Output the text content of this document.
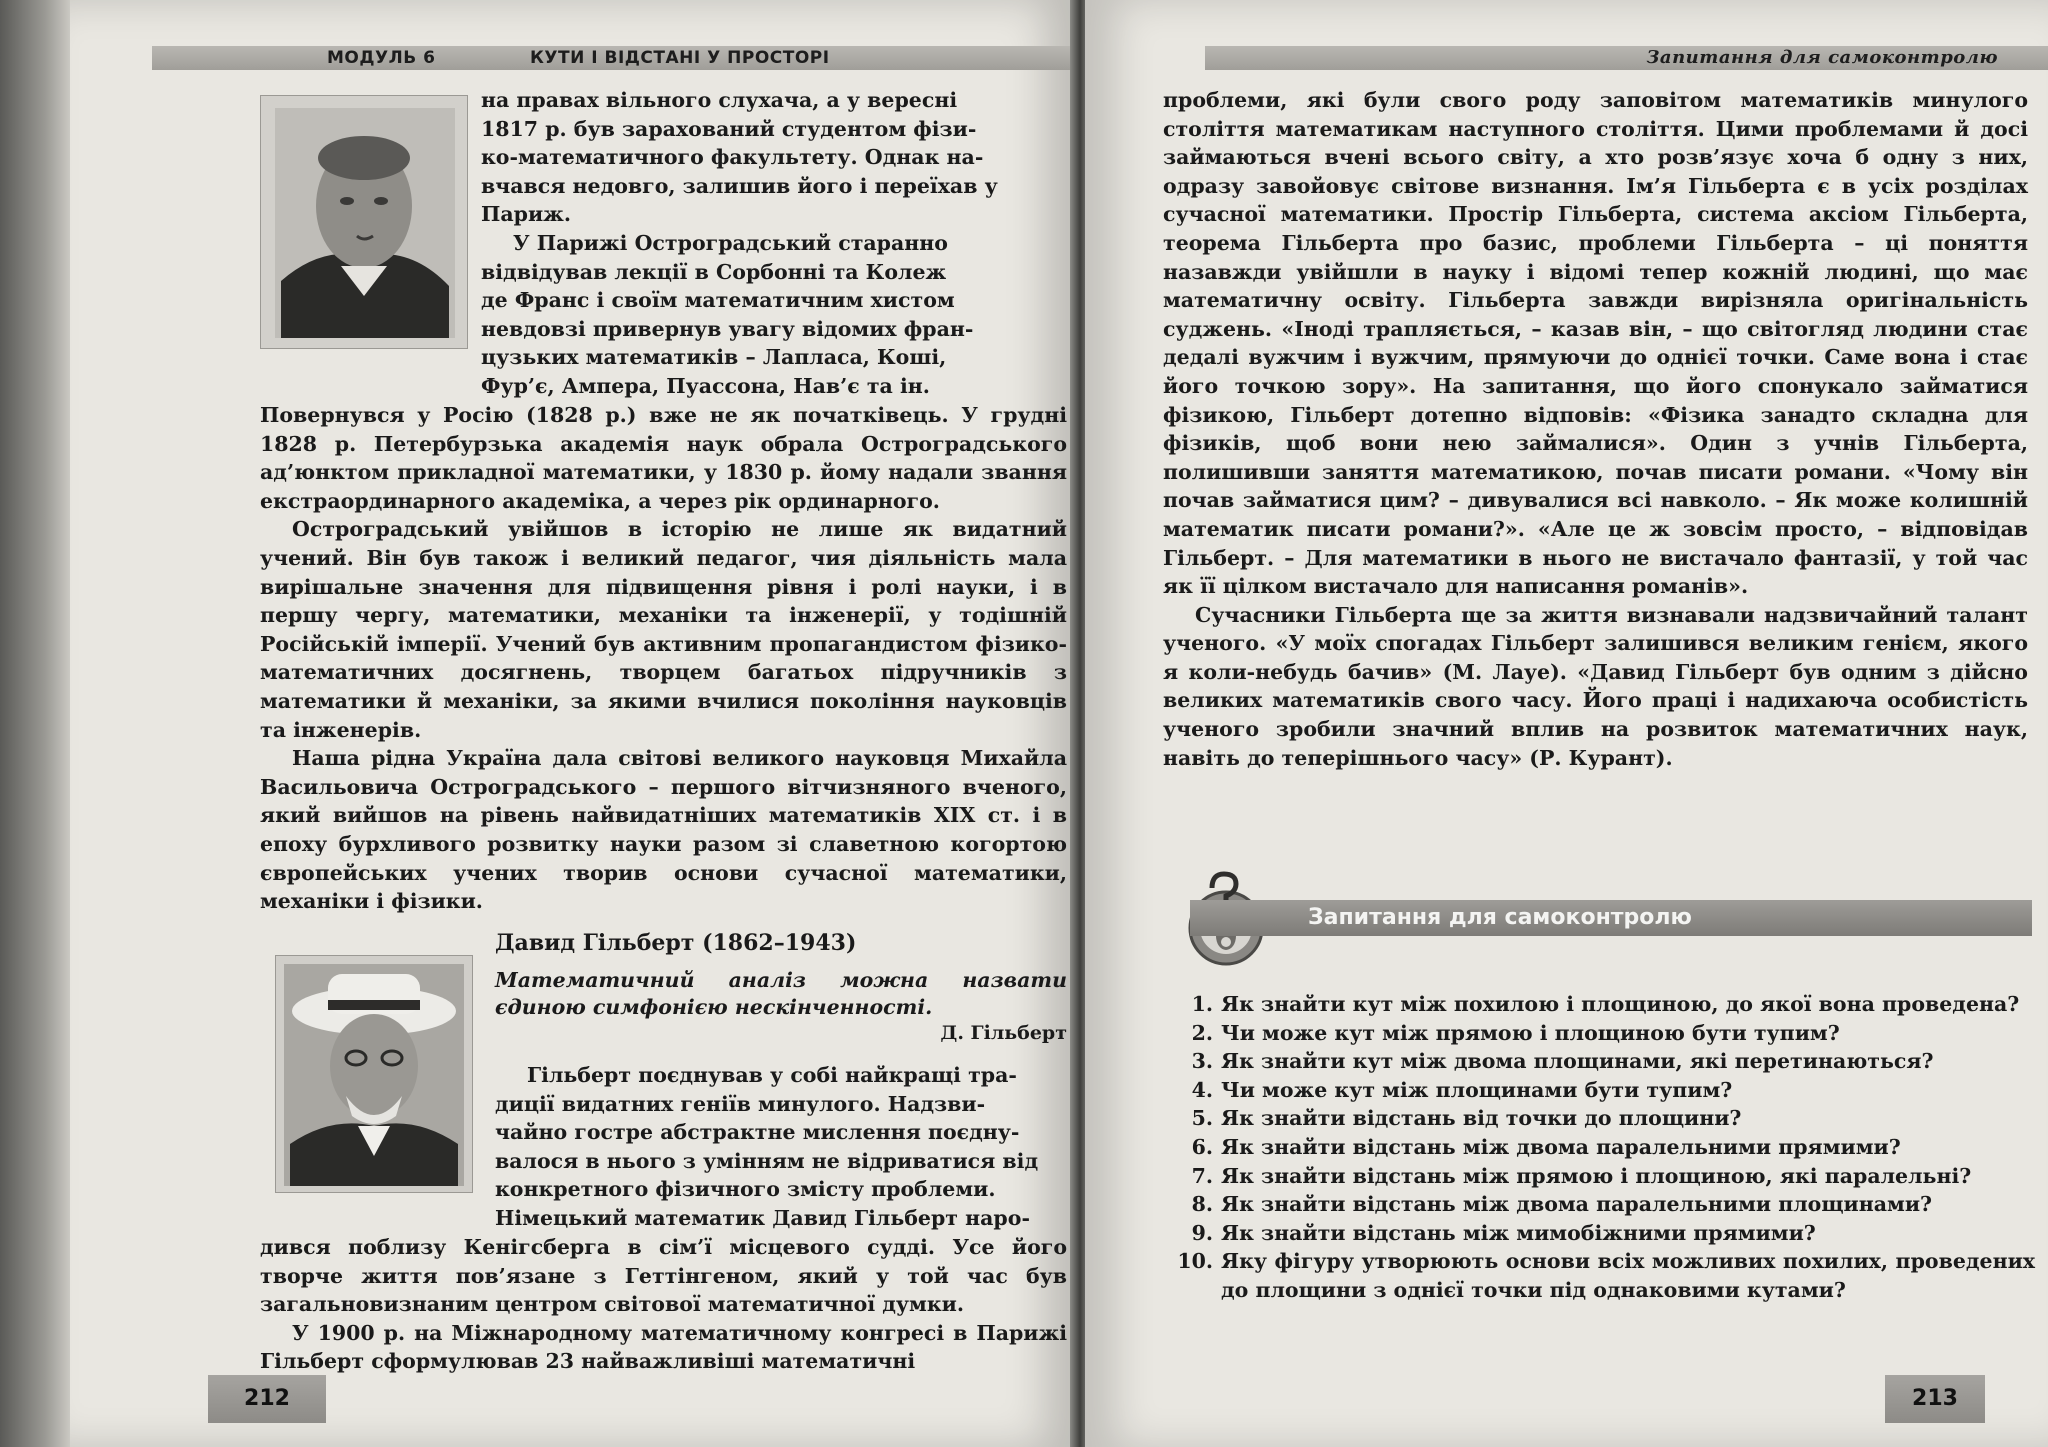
МОДУЛЬ 6	КУТИ І ВІДСТАНІ У ПРОСТОРІ

на правах вільного слухача, а у вересні

1817 р. був зарахований студентом фізи-

ко-математичного факультету. Однак на-

вчався недовго, залишив його і переїхав у

Париж.

У Парижі Остроградський старанно

відвідував лекції в Сорбонні та Колеж

де Франс і своїм математичним хистом

невдовзі привернув увагу відомих фран-

цузьких математиків – Лапласа, Коші,

Фур’є, Ампера, Пуассона, Нав’є та ін.

Повернувся у Росію (1828 р.) вже не як початківець. У грудні 1828 р. Петербурзька академія наук обрала Остроградського ад’юнктом прикладної математики, у 1830 р. йому надали звання екстраординарного академіка, а через рік ординарного.

Остроградський увійшов в історію не лише як видатний учений. Він був також і великий педагог, чия діяльність мала вирішальне значення для підвищення рівня і ролі науки, і в першу чергу, математики, механіки та інженерії, у тодішній Російській імперії. Учений був активним пропагандистом фізико-математичних досягнень, творцем багатьох підручників з математики й механіки, за якими вчилися покоління науковців та інженерів.

Наша рідна Україна дала світові великого науковця Михайла Васильовича Остроградського – першого вітчизняного вченого, який вийшов на рівень найвидатніших математиків XIX ст. і в епоху бурхливого розвитку науки разом зі славетною когортою європейських учених творив основи сучасної математики, механіки і фізики.

Давид Гільберт (1862–1943)
Математичний аналіз можна назвати єдиною симфонією нескінченності.
Д. Гільберт

Гільберт поєднував у собі найкращі тра-

диції видатних геніїв минулого. Надзви-

чайно гостре абстрактне мислення поєдну-

валося в нього з умінням не відриватися від

конкретного фізичного змісту проблеми.

Німецький математик Давид Гільберт наро-

дився поблизу Кенігсберга в сім’ї місцевого судді. Усе його творче життя пов’язане з Геттінгеном, який у той час був загальновизнаним центром світової математичної думки.

У 1900 р. на Міжнародному математичному конгресі в Парижі Гільберт сформулював 23 найважливіші математичні

212
Запитання для самоконтролю

проблеми, які були свого роду заповітом математиків минулого століття математикам наступного століття. Цими проблемами й досі займаються вчені всього світу, а хто розв’язує хоча б одну з них, одразу завойовує світове визнання. Ім’я Гільберта є в усіх розділах сучасної математики. Простір Гільберта, система аксіом Гільберта, теорема Гільберта про базис, проблеми Гільберта – ці поняття назавжди увійшли в науку і відомі тепер кожній людині, що має математичну освіту. Гільберта завжди вирізняла оригінальність суджень. «Іноді трапляється, – казав він, – що світогляд людини стає дедалі вужчим і вужчим, прямуючи до однієї точки. Саме вона і стає його точкою зору». На запитання, що його спонукало займатися фізикою, Гільберт дотепно відповів: «Фізика занадто складна для фізиків, щоб вони нею займалися». Один з учнів Гільберта, полишивши заняття математикою, почав писати романи. «Чому він почав займатися цим? – дивувалися всі навколо. – Як може колишній математик писати романи?». «Але це ж зовсім просто, – відповідав Гільберт. – Для математики в нього не вистачало фантазії, у той час як її цілком вистачало для написання романів».

Сучасники Гільберта ще за життя визнавали надзвичайний талант ученого. «У моїх спогадах Гільберт залишився великим генієм, якого я коли-небудь бачив» (М. Лауе). «Давид Гільберт був одним з дійсно великих математиків свого часу. Його праці і надихаюча особистість ученого зробили значний вплив на розвиток математичних наук, навіть до теперішнього часу» (Р. Курант).

Запитання для самоконтролю
1. Як знайти кут між похилою і площиною, до якої вона проведена?
2. Чи може кут між прямою і площиною бути тупим?
3. Як знайти кут між двома площинами, які перетинаються?
4. Чи може кут між площинами бути тупим?
5. Як знайти відстань від точки до площини?
6. Як знайти відстань між двома паралельними прямими?
7. Як знайти відстань між прямою і площиною, які паралельні?
8. Як знайти відстань між двома паралельними площинами?
9. Як знайти відстань між мимобіжними прямими?
10. Яку фігуру утворюють основи всіх можливих похилих, проведених до площини з однієї точки під однаковими кутами?
213
